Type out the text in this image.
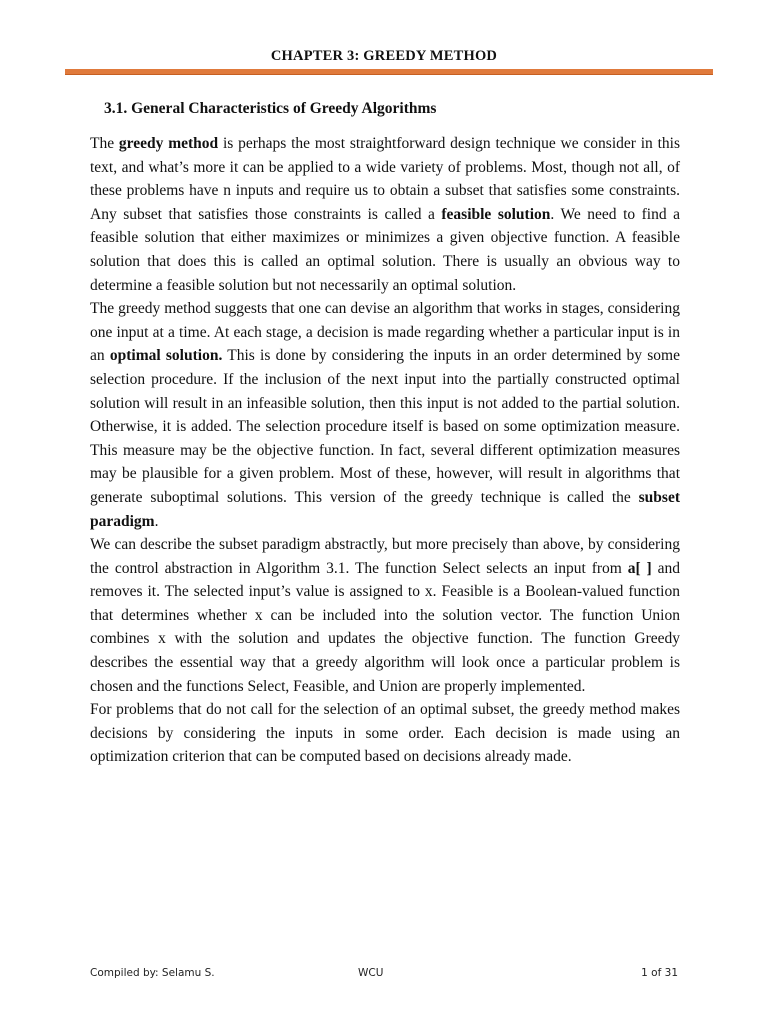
CHAPTER 3: GREEDY METHOD
3.1. General Characteristics of Greedy Algorithms

The greedy method is perhaps the most straightforward design technique we consider in this text, and what’s more it can be applied to a wide variety of problems. Most, though not all, of these problems have n inputs and require us to obtain a subset that satisfies some constraints. Any subset that satisfies those constraints is called a feasible solution. We need to find a feasible solution that either maximizes or minimizes a given objective function. A feasible solution that does this is called an optimal solution. There is usually an obvious way to determine a feasible solution but not necessarily an optimal solution.

The greedy method suggests that one can devise an algorithm that works in stages, considering one input at a time. At each stage, a decision is made regarding whether a particular input is in an optimal solution. This is done by considering the inputs in an order determined by some selection procedure. If the inclusion of the next input into the partially constructed optimal solution will result in an infeasible solution, then this input is not added to the partial solution. Otherwise, it is added. The selection procedure itself is based on some optimization measure. This measure may be the objective function. In fact, several different optimization measures may be plausible for a given problem. Most of these, however, will result in algorithms that generate suboptimal solutions. This version of the greedy technique is called the subset paradigm.

We can describe the subset paradigm abstractly, but more precisely than above, by considering the control abstraction in Algorithm 3.1. The function Select selects an input from a[ ] and removes it. The selected input’s value is assigned to x. Feasible is a Boolean-valued function that determines whether x can be included into the solution vector. The function Union combines x with the solution and updates the objective function. The function Greedy describes the essential way that a greedy algorithm will look once a particular problem is chosen and the functions Select, Feasible, and Union are properly implemented.

For problems that do not call for the selection of an optimal subset, the greedy method makes decisions by considering the inputs in some order. Each decision is made using an optimization criterion that can be computed based on decisions already made.

Compiled by: Selamu S.	WCU	1 of 31
